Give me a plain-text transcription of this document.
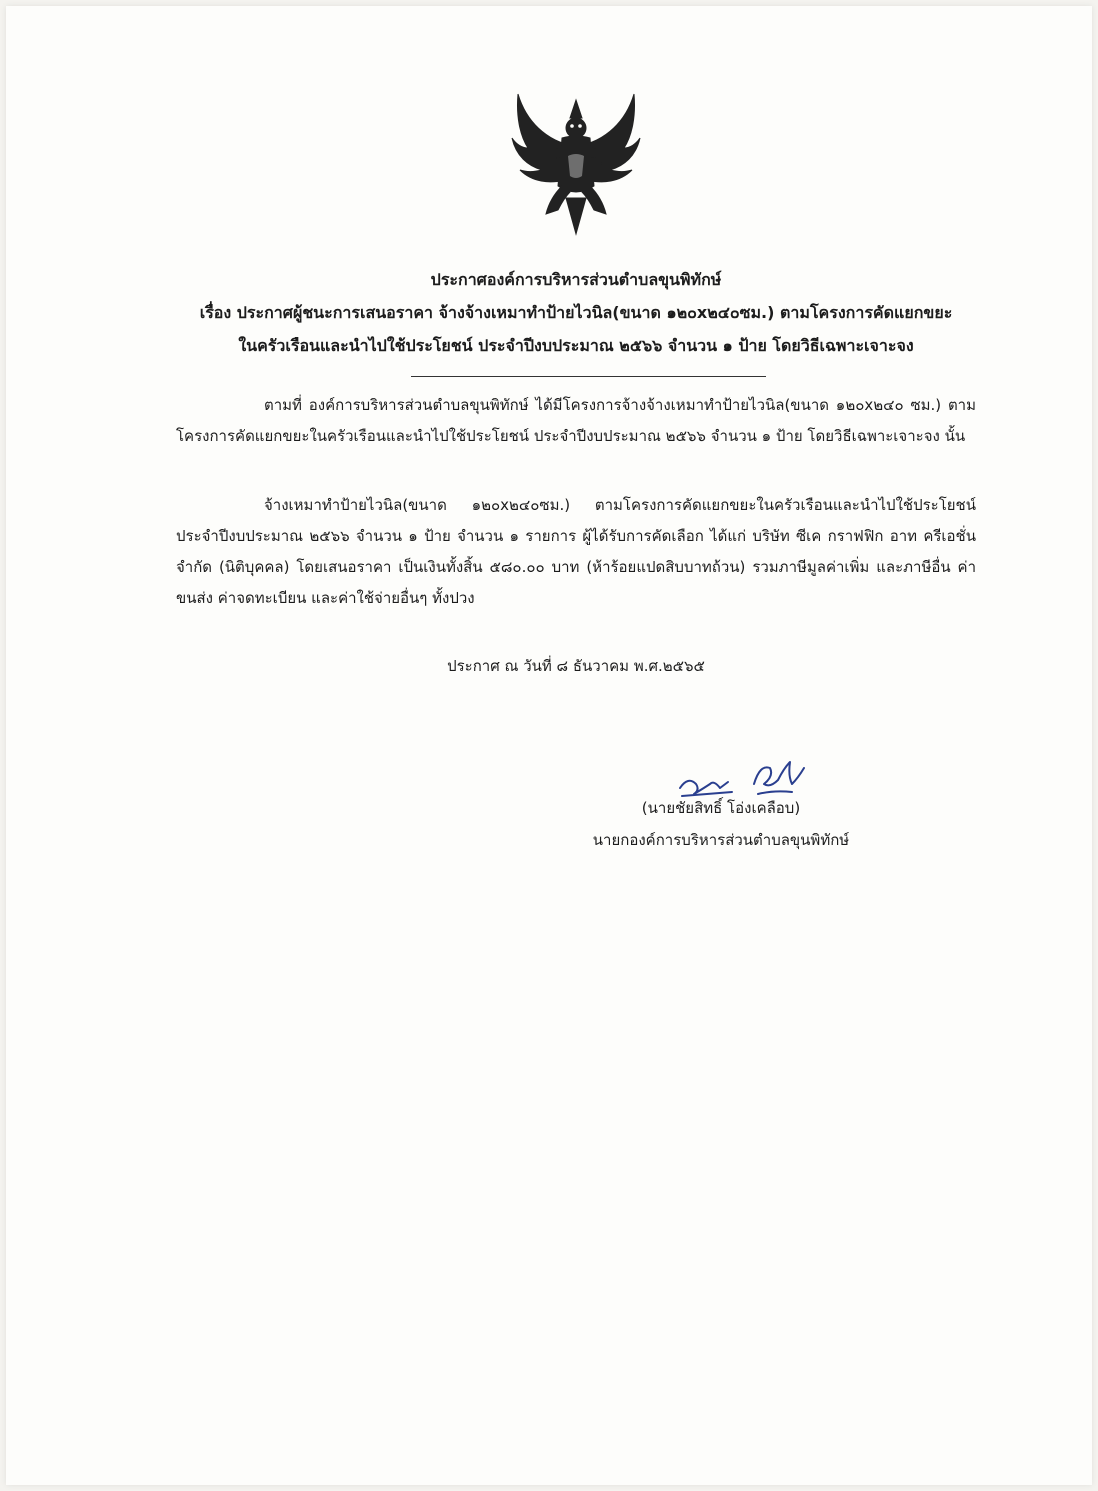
ประกาศองค์การบริหารส่วนตำบลขุนพิทักษ์
เรื่อง ประกาศผู้ชนะการเสนอราคา จ้างจ้างเหมาทำป้ายไวนิล(ขนาด ๑๒๐x๒๔๐ซม.) ตามโครงการคัดแยกขยะ
ในครัวเรือนและนำไปใช้ประโยชน์ ประจำปีงบประมาณ ๒๕๖๖ จำนวน ๑ ป้าย โดยวิธีเฉพาะเจาะจง
ตามที่ องค์การบริหารส่วนตำบลขุนพิทักษ์ ได้มีโครงการจ้างจ้างเหมาทำป้ายไวนิล(ขนาด ๑๒๐x๒๔๐ ซม.) ตามโครงการคัดแยกขยะในครัวเรือนและนำไปใช้ประโยชน์ ประจำปีงบประมาณ ๒๕๖๖ จำนวน ๑ ป้าย โดยวิธีเฉพาะเจาะจง นั้น
จ้างเหมาทำป้ายไวนิล(ขนาด ๑๒๐x๒๔๐ซม.) ตามโครงการคัดแยกขยะในครัวเรือนและนำไปใช้ประโยชน์ ประจำปีงบประมาณ ๒๕๖๖ จำนวน ๑ ป้าย จำนวน ๑ รายการ ผู้ได้รับการคัดเลือก ได้แก่ บริษัท ซีเค กราฟฟิก อาท ครีเอชั่น จำกัด (นิติบุคคล) โดยเสนอราคา เป็นเงินทั้งสิ้น ๕๘๐.๐๐ บาท (ห้าร้อยแปดสิบบาทถ้วน) รวมภาษีมูลค่าเพิ่ม และภาษีอื่น ค่าขนส่ง ค่าจดทะเบียน และค่าใช้จ่ายอื่นๆ ทั้งปวง
ประกาศ ณ วันที่ ๘ ธันวาคม พ.ศ.๒๕๖๕
(นายชัยสิทธิ์ โอ่งเคลือบ)
นายกองค์การบริหารส่วนตำบลขุนพิทักษ์
